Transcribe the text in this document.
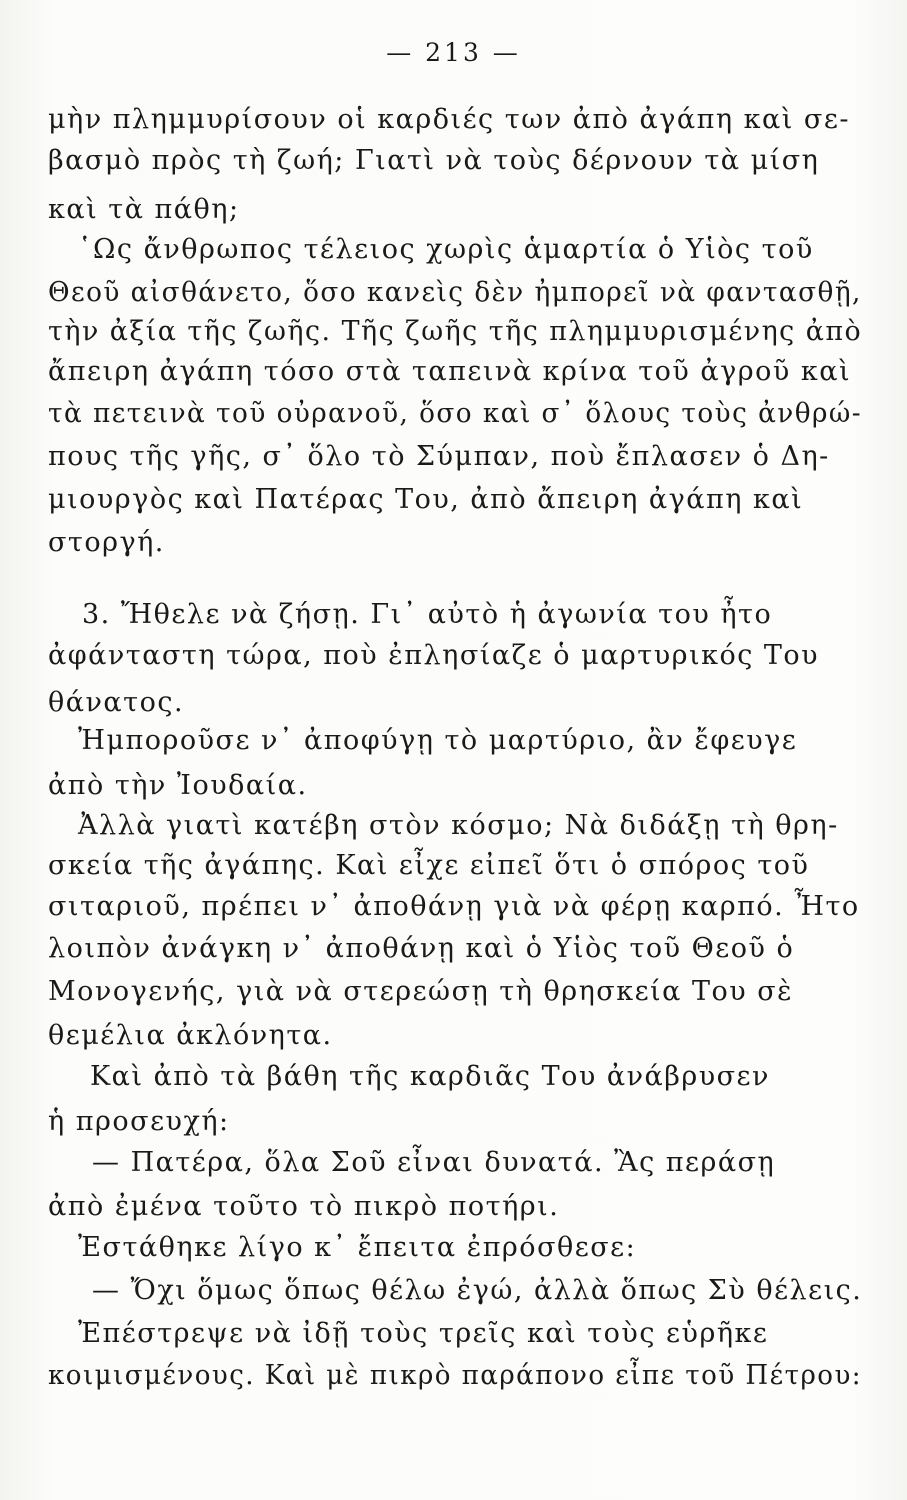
— 213 —
μὴν πλημμυρίσουν οἱ καρδιές των ἀπὸ ἀγάπη καὶ σε-
βασμὸ πρὸς τὴ ζωή; Γιατὶ νὰ τοὺς δέρνουν τὰ μίση
καὶ τὰ πάθη;
῾Ως ἄνθρωπος τέλειος χωρὶς ἁμαρτία ὁ Υἱὸς τοῦ
Θεοῦ αἰσθάνετο, ὅσο κανεὶς δὲν ἠμπορεῖ νὰ φαντασθῇ,
τὴν ἀξία τῆς ζωῆς. Τῆς ζωῆς τῆς πλημμυρισμένης ἀπὸ
ἄπειρη ἀγάπη τόσο στὰ ταπεινὰ κρίνα τοῦ ἀγροῦ καὶ
τὰ πετεινὰ τοῦ οὐρανοῦ, ὅσο καὶ σ᾽ ὅλους τοὺς ἀνθρώ-
πους τῆς γῆς, σ᾽ ὅλο τὸ Σύμπαν, ποὺ ἔπλασεν ὁ Δη-
μιουργὸς καὶ Πατέρας Του, ἀπὸ ἄπειρη ἀγάπη καὶ
στοργή.
3. Ἤθελε νὰ ζήσῃ. Γι᾽ αὐτὸ ἡ ἀγωνία του ἦτο
ἀφάνταστη τώρα, ποὺ ἐπλησίαζε ὁ μαρτυρικός Του
θάνατος.
Ἠμποροῦσε ν᾽ ἀποφύγῃ τὸ μαρτύριο, ἂν ἔφευγε
ἀπὸ τὴν Ἰουδαία.
Ἀλλὰ γιατὶ κατέβη στὸν κόσμο; Νὰ διδάξῃ τὴ θρη-
σκεία τῆς ἀγάπης. Καὶ εἶχε εἰπεῖ ὅτι ὁ σπόρος τοῦ
σιταριοῦ, πρέπει ν᾽ ἀποθάνῃ γιὰ νὰ φέρῃ καρπό. Ἦτο
λοιπὸν ἀνάγκη ν᾽ ἀποθάνῃ καὶ ὁ Υἱὸς τοῦ Θεοῦ ὁ
Μονογενής, γιὰ νὰ στερεώσῃ τὴ θρησκεία Του σὲ
θεμέλια ἀκλόνητα.
Καὶ ἀπὸ τὰ βάθη τῆς καρδιᾶς Του ἀνάβρυσεν
ἡ προσευχή:
— Πατέρα, ὅλα Σοῦ εἶναι δυνατά. Ἂς περάσῃ
ἀπὸ ἐμένα τοῦτο τὸ πικρὸ ποτήρι.
Ἐστάθηκε λίγο κ᾽ ἔπειτα ἐπρόσθεσε:
— Ὄχι ὅμως ὅπως θέλω ἐγώ, ἀλλὰ ὅπως Σὺ θέλεις.
Ἐπέστρεψε νὰ ἰδῇ τοὺς τρεῖς καὶ τοὺς εὑρῆκε
κοιμισμένους. Καὶ μὲ πικρὸ παράπονο εἶπε τοῦ Πέτρου:
